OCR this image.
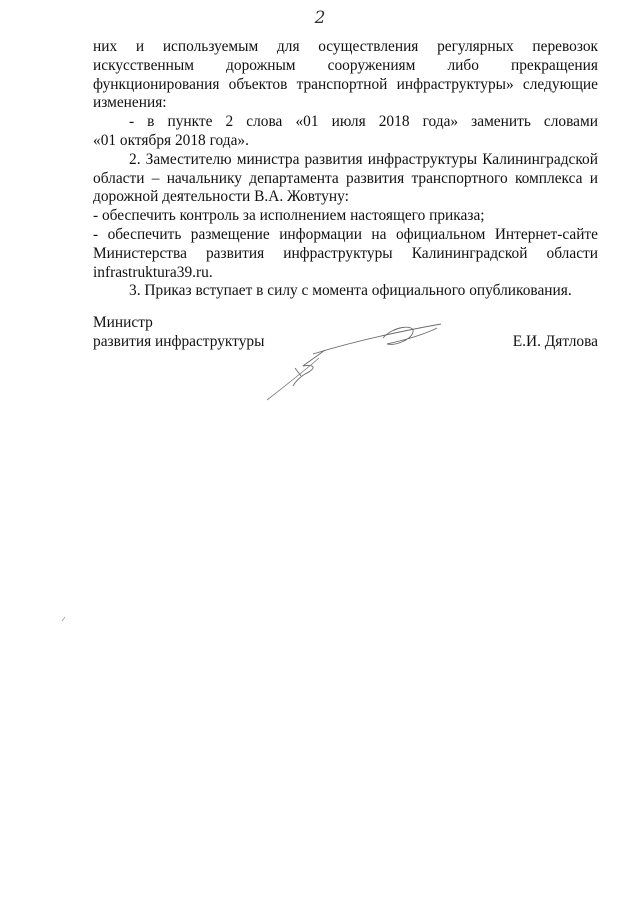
2
них и используемым для осуществления регулярных перевозок
искусственным дорожным сооружениям либо прекращения
функционирования объектов транспортной инфраструктуры» следующие
изменения:
- в пункте 2 слова «01 июля 2018 года» заменить словами
«01 октября 2018 года».
2. Заместителю министра развития инфраструктуры Калининградской
области – начальнику департамента развития транспортного комплекса и
дорожной деятельности В.А. Жовтуну:
- обеспечить контроль за исполнением настоящего приказа;
- обеспечить размещение информации на официальном Интернет-сайте
Министерства развития инфраструктуры Калининградской области
infrastruktura39.ru.
3. Приказ вступает в силу с момента официального опубликования.
Министр
развития инфраструктуры	Е.И. Дятлова
